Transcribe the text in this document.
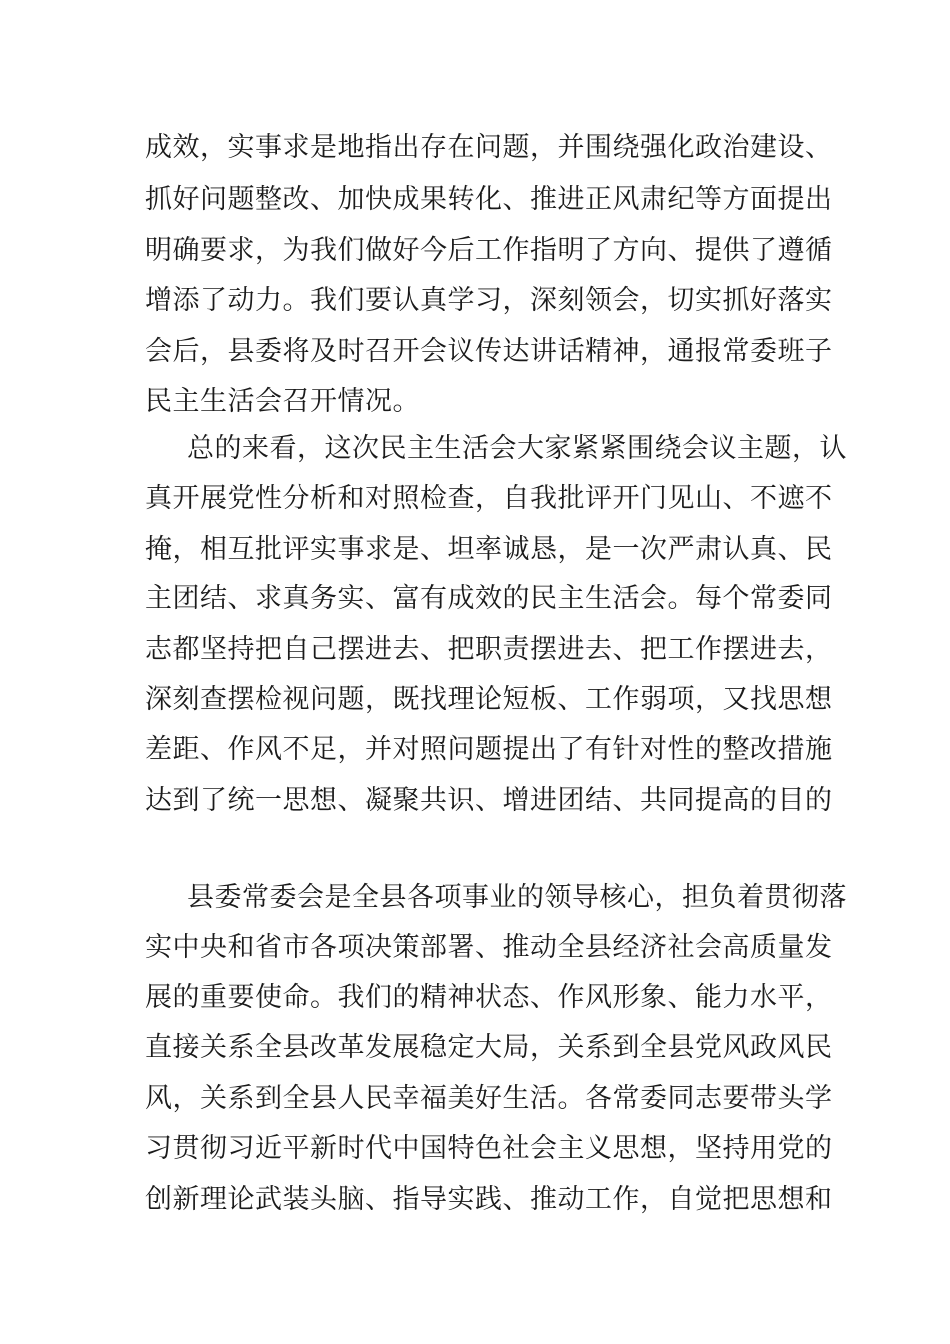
成效，实事求是地指出存在问题，并围绕强化政治建设、
抓好问题整改、加快成果转化、推进正风肃纪等方面提出
明确要求，为我们做好今后工作指明了方向、提供了遵循
增添了动力。我们要认真学习，深刻领会，切实抓好落实
会后，县委将及时召开会议传达讲话精神，通报常委班子
民主生活会召开情况。
总的来看，这次民主生活会大家紧紧围绕会议主题，认
真开展党性分析和对照检查，自我批评开门见山、不遮不
掩，相互批评实事求是、坦率诚恳，是一次严肃认真、民
主团结、求真务实、富有成效的民主生活会。每个常委同
志都坚持把自己摆进去、把职责摆进去、把工作摆进去，
深刻查摆检视问题，既找理论短板、工作弱项，又找思想
差距、作风不足，并对照问题提出了有针对性的整改措施
达到了统一思想、凝聚共识、增进团结、共同提高的目的
县委常委会是全县各项事业的领导核心，担负着贯彻落
实中央和省市各项决策部署、推动全县经济社会高质量发
展的重要使命。我们的精神状态、作风形象、能力水平，
直接关系全县改革发展稳定大局，关系到全县党风政风民
风，关系到全县人民幸福美好生活。各常委同志要带头学
习贯彻习近平新时代中国特色社会主义思想，坚持用党的
创新理论武装头脑、指导实践、推动工作，自觉把思想和
